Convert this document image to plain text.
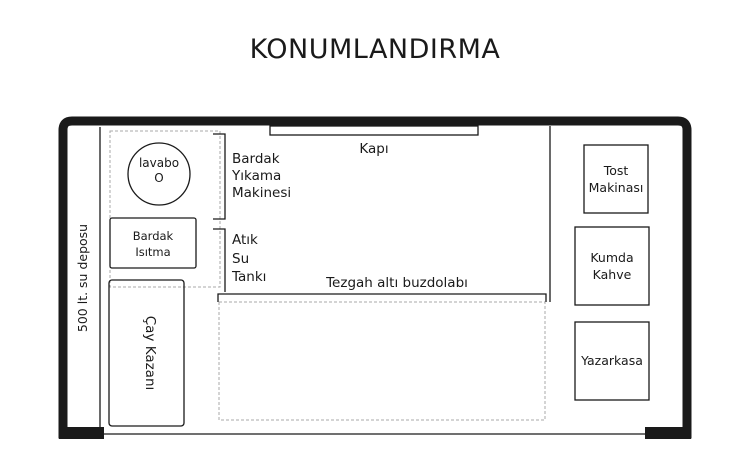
KONUMLANDIRMA
500 lt. su deposu
lavabo
O
Bardak
Yıkama
Makinesi
Bardak
Isıtma
Atık
Su
Tankı
Kapı
Tezgah altı buzdolabı
Çay Kazanı
Tost
Makinası
Kumda
Kahve
Yazarkasa
